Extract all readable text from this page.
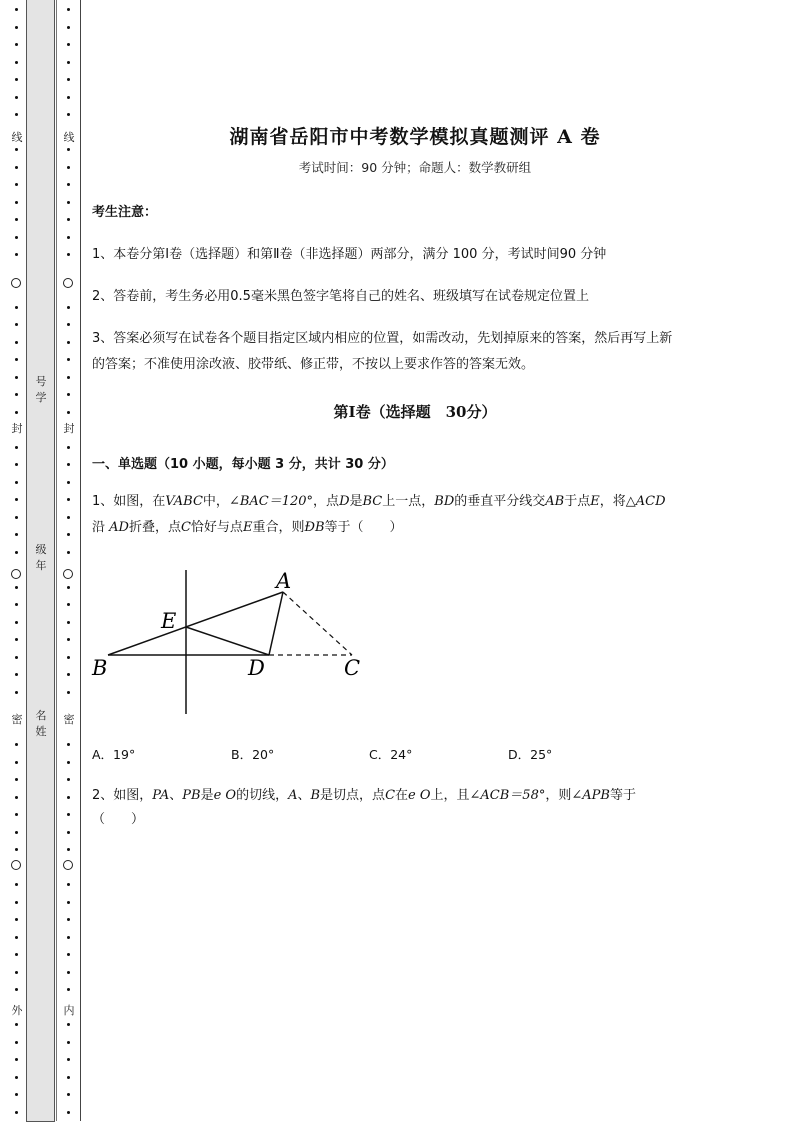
线
封
密
外
线
封
密
内
号
学
级
年
名
姓
湖南省岳阳市中考数学模拟真题测评 A 卷
考试时间：90 分钟；命题人：数学教研组
考生注意：
1、本卷分第Ⅰ卷（选择题）和第Ⅱ卷（非选择题）两部分，满分 100 分，考试时间90 分钟
2、答卷前，考生务必用0.5毫米黑色签字笔将自己的姓名、班级填写在试卷规定位置上
3、答案必须写在试卷各个题目指定区域内相应的位置，如需改动，先划掉原来的答案，然后再写上新
的答案；不准使用涂改液、胶带纸、修正带，不按以上要求作答的答案无效。
第Ⅰ卷（选择题　30分）
一、单选题（10 小题，每小题 3 分，共计 30 分）
1、如图，在VABC中，∠BAC＝120°，点D是BC上一点，BD的垂直平分线交AB于点E，将△ACD
沿 AD折叠，点C恰好与点E重合，则ÐB等于（　　）
A
E
B	D	C
A．19°	B．20°	C．24°	D．25°
2、如图，PA、PB是e O的切线，A、B是切点，点C在e O上，且∠ACB＝58°，则∠APB等于
（　　）
